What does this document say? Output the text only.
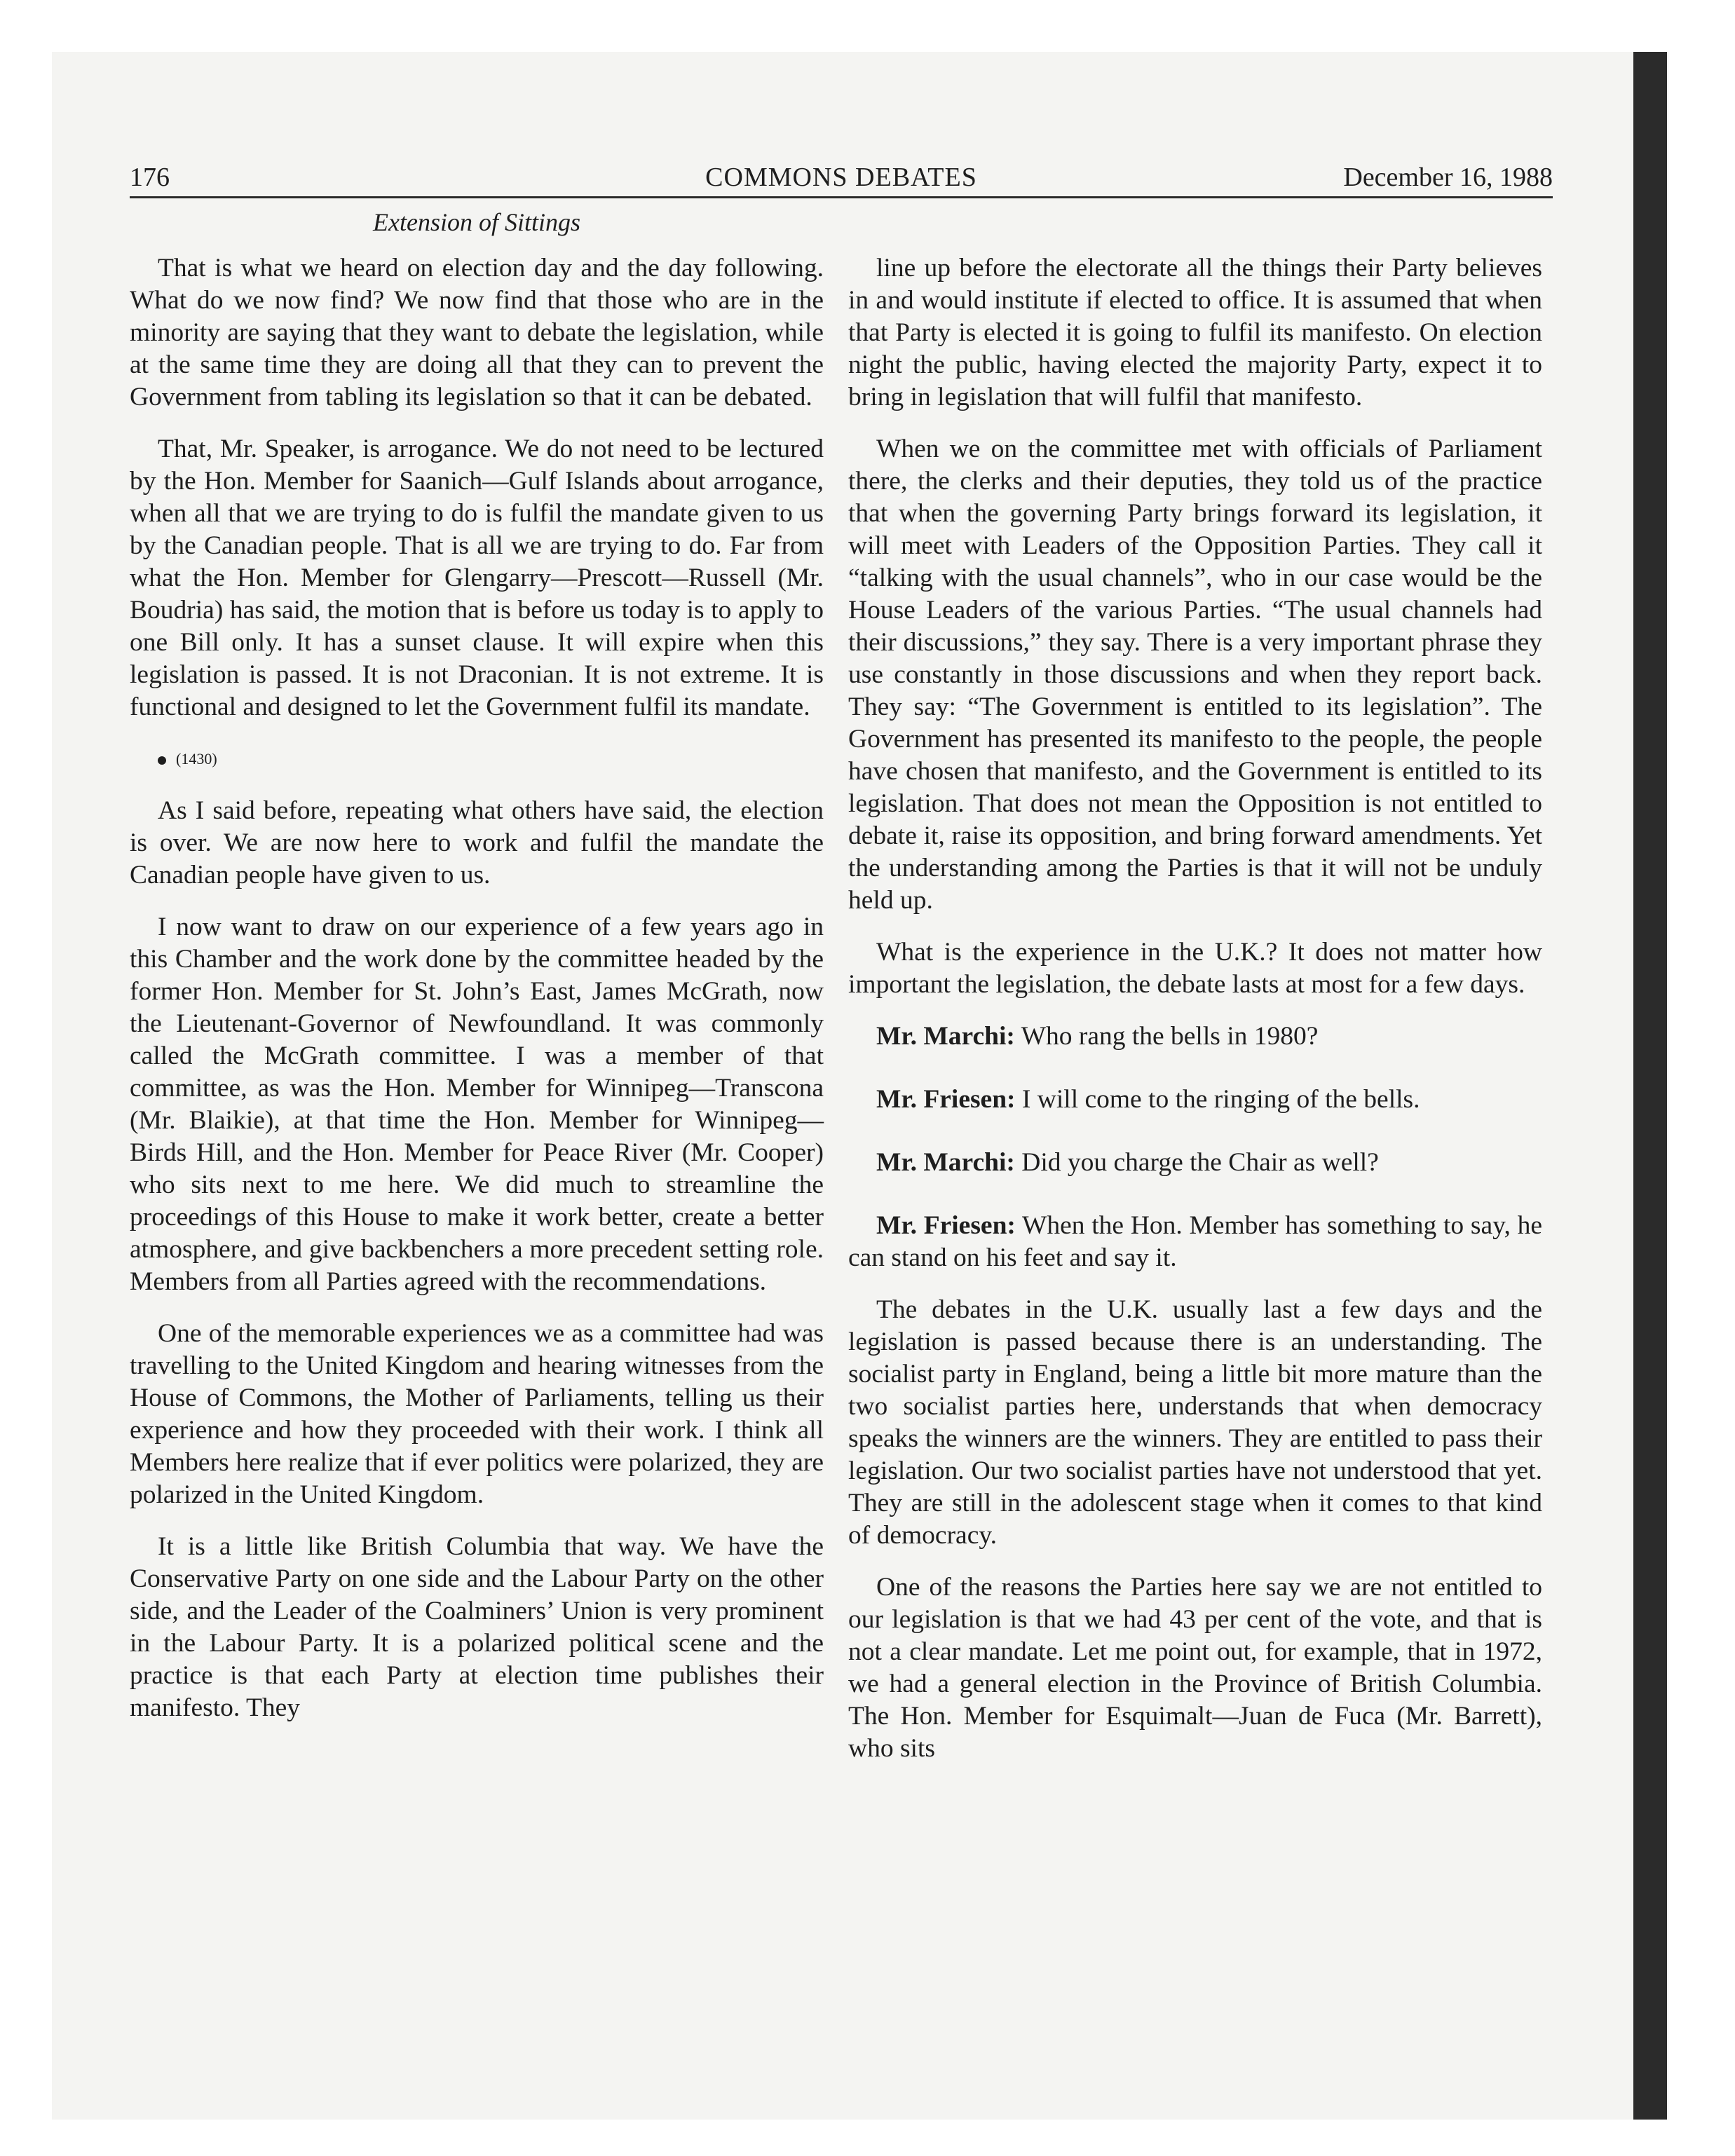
176	COMMONS DEBATES	December 16, 1988
Extension of Sittings

That is what we heard on election day and the day following. What do we now find? We now find that those who are in the minority are saying that they want to debate the legislation, while at the same time they are doing all that they can to prevent the Government from tabling its legislation so that it can be debated.

That, Mr. Speaker, is arrogance. We do not need to be lectured by the Hon. Member for Saanich—Gulf Islands about arrogance, when all that we are trying to do is fulfil the mandate given to us by the Canadian people. That is all we are trying to do. Far from what the Hon. Member for Glengarry—Prescott—Russell (Mr. Boudria) has said, the motion that is before us today is to apply to one Bill only. It has a sunset clause. It will expire when this legislation is passed. It is not Draconian. It is not extreme. It is functional and designed to let the Government fulfil its mandate.

(1430)

As I said before, repeating what others have said, the election is over. We are now here to work and fulfil the mandate the Canadian people have given to us.

I now want to draw on our experience of a few years ago in this Chamber and the work done by the committee headed by the former Hon. Member for St. John’s East, James McGrath, now the Lieutenant-Governor of Newfoundland. It was commonly called the McGrath committee. I was a member of that committee, as was the Hon. Member for Winnipeg—Transcona (Mr. Blaikie), at that time the Hon. Member for Winnipeg— Birds Hill, and the Hon. Member for Peace River (Mr. Cooper) who sits next to me here. We did much to streamline the proceedings of this House to make it work better, create a better atmosphere, and give backbenchers a more precedent setting role. Members from all Parties agreed with the recommendations.

One of the memorable experiences we as a committee had was travelling to the United Kingdom and hearing witnesses from the House of Commons, the Mother of Parliaments, telling us their experience and how they proceeded with their work. I think all Members here realize that if ever politics were polarized, they are polarized in the United Kingdom.

It is a little like British Columbia that way. We have the Conservative Party on one side and the Labour Party on the other side, and the Leader of the Coalminers’ Union is very prominent in the Labour Party. It is a polarized political scene and the practice is that each Party at election time publishes their manifesto. They

line up before the electorate all the things their Party believes in and would institute if elected to office. It is assumed that when that Party is elected it is going to fulfil its manifesto. On election night the public, having elected the majority Party, expect it to bring in legislation that will fulfil that manifesto.

When we on the committee met with officials of Parliament there, the clerks and their deputies, they told us of the practice that when the governing Party brings forward its legislation, it will meet with Leaders of the Opposition Parties. They call it “talking with the usual channels”, who in our case would be the House Leaders of the various Parties. “The usual channels had their discussions,” they say. There is a very important phrase they use constantly in those discussions and when they report back. They say: “The Government is entitled to its legislation”. The Government has presented its manifesto to the people, the people have chosen that manifesto, and the Government is entitled to its legislation. That does not mean the Opposition is not entitled to debate it, raise its opposition, and bring forward amendments. Yet the understanding among the Parties is that it will not be unduly held up.

What is the experience in the U.K.? It does not matter how important the legislation, the debate lasts at most for a few days.

Mr. Marchi: Who rang the bells in 1980?

Mr. Friesen: I will come to the ringing of the bells.

Mr. Marchi: Did you charge the Chair as well?

Mr. Friesen: When the Hon. Member has something to say, he can stand on his feet and say it.

The debates in the U.K. usually last a few days and the legislation is passed because there is an understanding. The socialist party in England, being a little bit more mature than the two socialist parties here, understands that when democracy speaks the winners are the winners. They are entitled to pass their legislation. Our two socialist parties have not understood that yet. They are still in the adolescent stage when it comes to that kind of democracy.

One of the reasons the Parties here say we are not entitled to our legislation is that we had 43 per cent of the vote, and that is not a clear mandate. Let me point out, for example, that in 1972, we had a general election in the Province of British Columbia. The Hon. Member for Esquimalt—Juan de Fuca (Mr. Barrett), who sits
